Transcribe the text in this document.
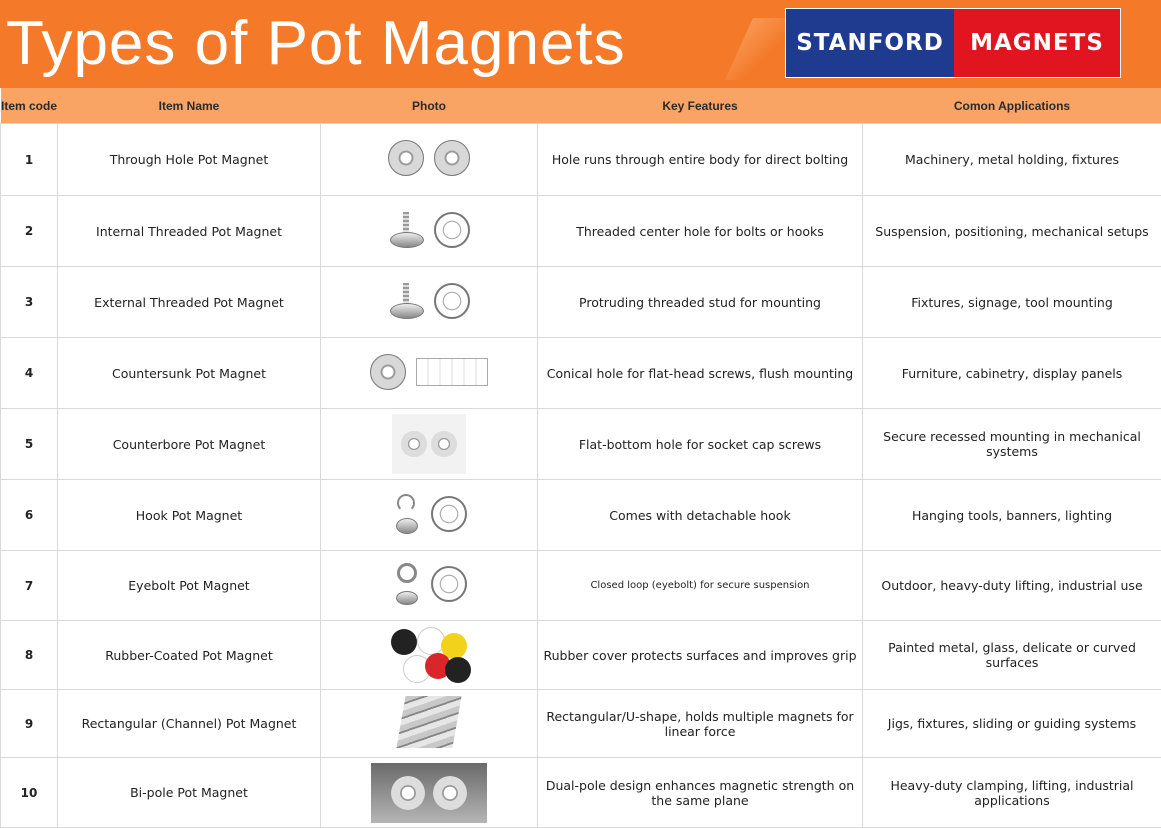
Types of Pot Magnets	STANFORD	MAGNETS
Item code	Item Name	Photo	Key Features	Comon Applications
1	Through Hole Pot Magnet		Hole runs through entire body for direct bolting	Machinery, metal holding, fixtures
2	Internal Threaded Pot Magnet		Threaded center hole for bolts or hooks	Suspension, positioning, mechanical setups
3	External Threaded Pot Magnet		Protruding threaded stud for mounting	Fixtures, signage, tool mounting
4	Countersunk Pot Magnet		Conical hole for flat-head screws, flush mounting	Furniture, cabinetry, display panels
5	Counterbore Pot Magnet		Flat-bottom hole for socket cap screws	Secure recessed mounting in mechanical systems
6	Hook Pot Magnet		Comes with detachable hook	Hanging tools, banners, lighting
7	Eyebolt Pot Magnet		Closed loop (eyebolt) for secure suspension	Outdoor, heavy-duty lifting, industrial use
8	Rubber-Coated Pot Magnet		Rubber cover protects surfaces and improves grip	Painted metal, glass, delicate or curved surfaces
9	Rectangular (Channel) Pot Magnet		Rectangular/U-shape, holds multiple magnets for linear force	Jigs, fixtures, sliding or guiding systems
10	Bi-pole Pot Magnet		Dual-pole design enhances magnetic strength on the same plane	Heavy-duty clamping, lifting, industrial applications
